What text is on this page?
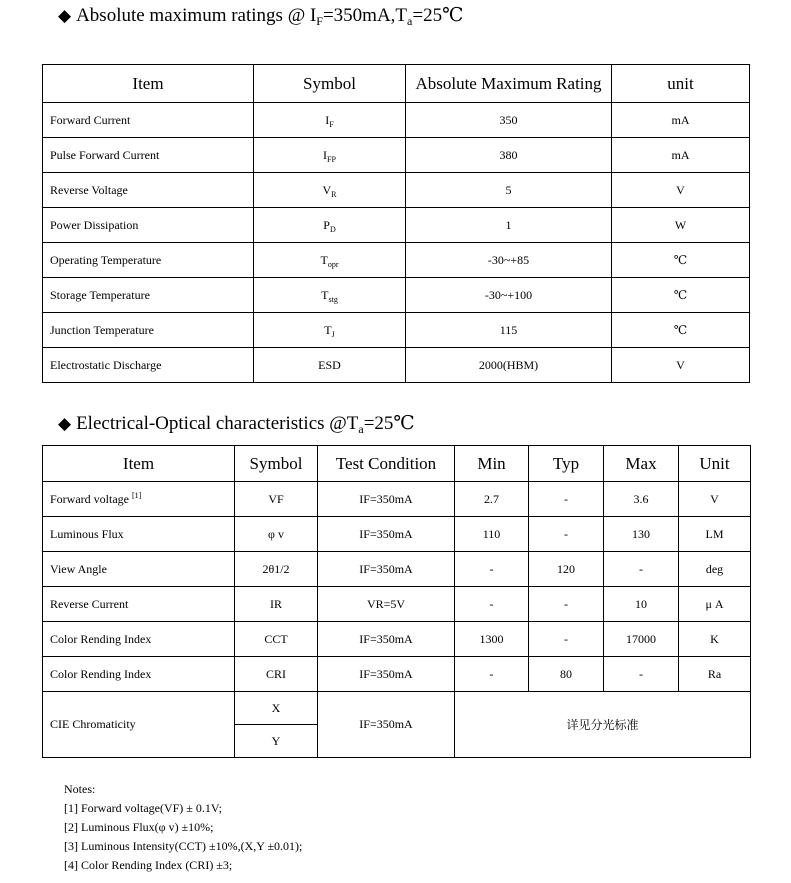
◆ Absolute maximum ratings @ $I_F=350mA,T_a=25℃$
Item	Symbol	Absolute Maximum Rating	unit
Forward Current	$I_F$	350	mA
Pulse Forward Current	$I_{FP}$	380	mA
Reverse Voltage	$V_R$	5	V
Power Dissipation	$P_D$	1	W
Operating Temperature	$T_{opr}$	-30~+85	℃
Storage Temperature	$T_{stg}$	-30~+100	℃
Junction Temperature	$T_J$	115	℃
Electrostatic Discharge	ESD	2000(HBM)	V
◆ Electrical-Optical characteristics $@T_a=25℃$
Item	Symbol	Test Condition	Min	Typ	Max	Unit
Forward voltage [1]	VF	IF=350mA	2.7	-	3.6	V
Luminous Flux	φ v	IF=350mA	110	-	130	LM
View Angle	2θ1/2	IF=350mA	-	120	-	deg
Reverse Current	IR	VR=5V	-	-	10	μ A
Color Rending Index	CCT	IF=350mA	1300	-	17000	K
Color Rending Index	CRI	IF=350mA	-	80	-	Ra
CIE Chromaticity	X	IF=350mA	详见分光标准			
	Y					
Notes:
[1] Forward voltage(VF) ± 0.1V;
[2] Luminous Flux(φ v) ±10%;
[3] Luminous Intensity(CCT) ±10%,(X,Y ±0.01);
[4] Color Rending Index (CRI) ±3;
